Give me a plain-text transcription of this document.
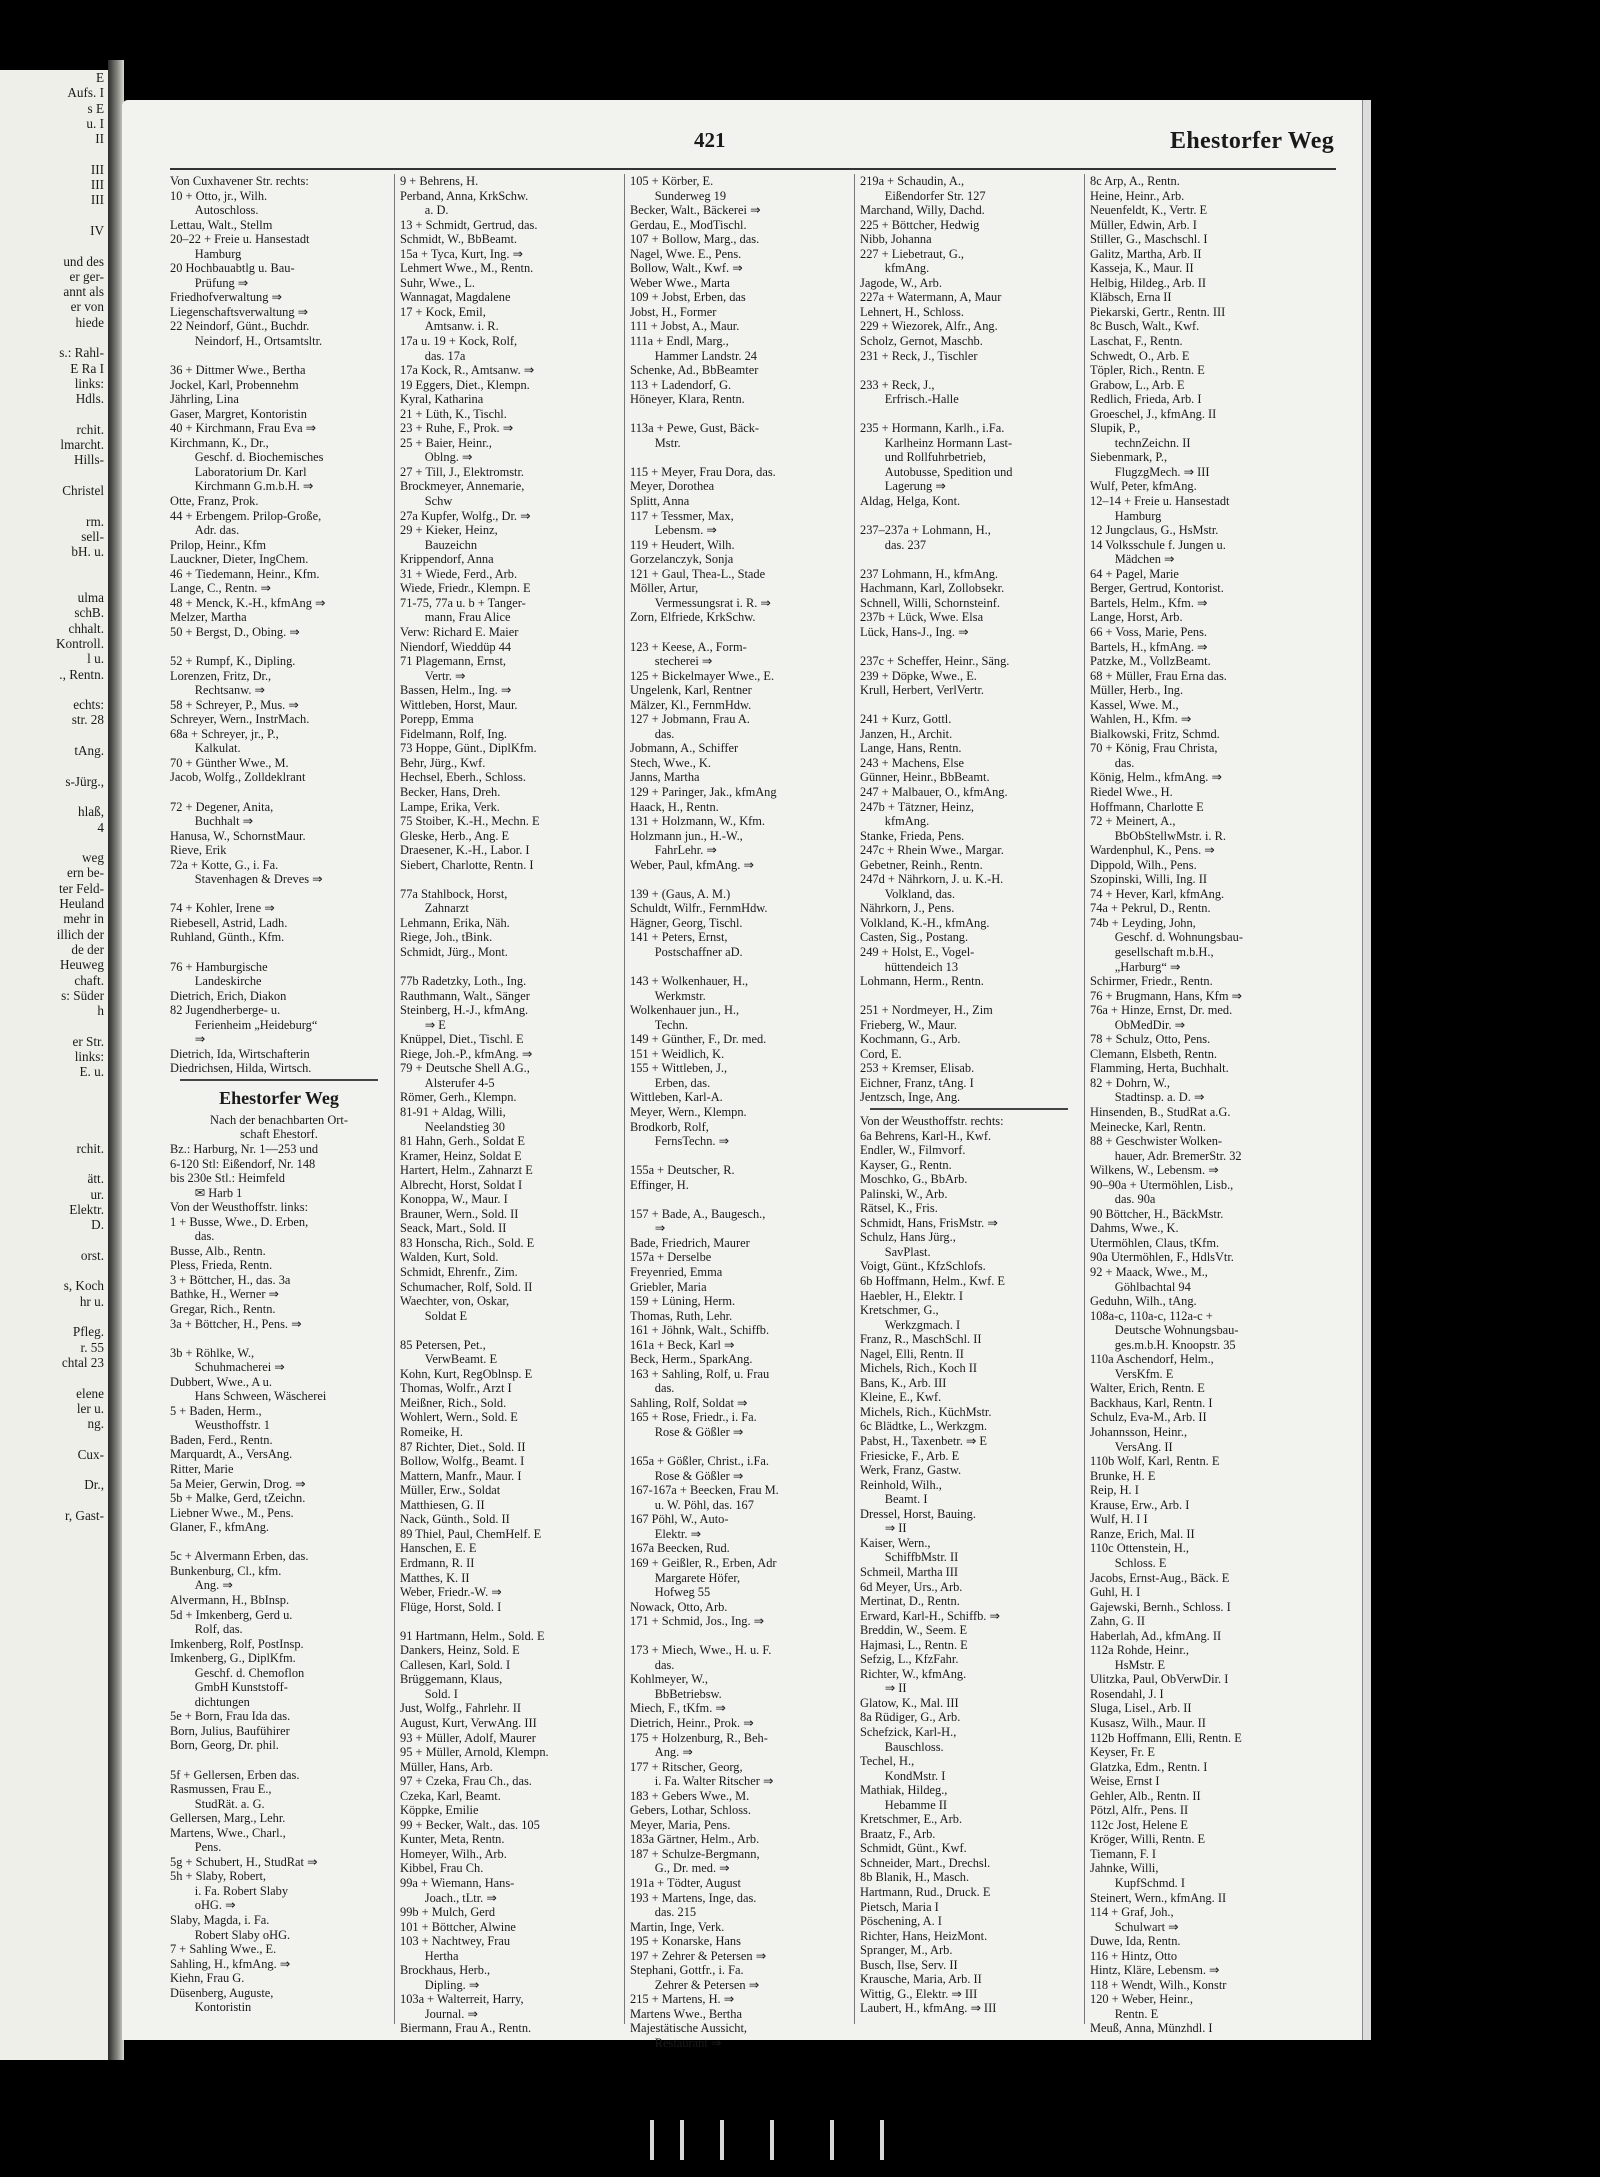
E
Aufs. I
s E
u. I
II

III
III
III

IV

und des
er ger-
annt als
er von
hiede

s.: Rahl-
E Ra I
links:
Hdls.

rchit.
lmarcht.
Hills-

Christel

rm.
sell-
bH. u.

ulma
schB.
chhalt.
Kontroll.
l u.
., Rentn.

echts:
str. 28

tAng.

s-Jürg.,

hlaß,
4

weg
ern be-
ter Feld-
Heuland
mehr in
illich der
de der
Heuweg
chaft.
s: Süder
h

er Str.
links:
E. u.

rchit.

ätt.
ur.
Elektr.
D.

orst.

s, Koch
hr u.

Pfleg.
r. 55
chtal 23

elene
ler u.
ng.

Cux-

Dr.,

r, Gast-
421	Ehestorfer Weg
Von Cuxhavener Str. rechts:
10 + Otto, jr., Wilh.
  Autoschloss.
Lettau, Walt., Stellm
20–22 + Freie u. Hansestadt
  Hamburg
20 Hochbauabtlg u. Bau-
  Prüfung ⇒
Friedhofverwaltung ⇒
Liegenschaftsverwaltung ⇒
22 Neindorf, Günt., Buchdr.
  Neindorf, H., Ortsamtsltr.

36 + Dittmer Wwe., Bertha
Jockel, Karl, Probennehm
Jährling, Lina
Gaser, Margret, Kontoristin
40 + Kirchmann, Frau Eva ⇒
Kirchmann, K., Dr.,
  Geschf. d. Biochemisches
  Laboratorium Dr. Karl
  Kirchmann G.m.b.H. ⇒
Otte, Franz, Prok.
44 + Erbengem. Prilop-Große,
  Adr. das.
Prilop, Heinr., Kfm
Lauckner, Dieter, IngChem.
46 + Tiedemann, Heinr., Kfm.
Lange, C., Rentn. ⇒
48 + Menck, K.-H., kfmAng ⇒
Melzer, Martha
50 + Bergst, D., Obing. ⇒

52 + Rumpf, K., Dipling.
Lorenzen, Fritz, Dr.,
  Rechtsanw. ⇒
58 + Schreyer, P., Mus. ⇒
Schreyer, Wern., InstrMach.
68a + Schreyer, jr., P.,
  Kalkulat.
70 + Günther Wwe., M.
Jacob, Wolfg., Zolldeklrant

72 + Degener, Anita,
  Buchhalt ⇒
Hanusa, W., SchornstMaur.
Rieve, Erik
72a + Kotte, G., i. Fa.
  Stavenhagen & Dreves ⇒

74 + Kohler, Irene ⇒
Riebesell, Astrid, Ladh.
Ruhland, Günth., Kfm.

76 + Hamburgische
  Landeskirche
Dietrich, Erich, Diakon
82 Jugendherberge- u.
  Ferienheim „Heideburg“
  ⇒
Dietrich, Ida, Wirtschafterin
Diedrichsen, Hilda, Wirtsch.
Ehestorfer Weg
Nach der benachbarten Ort-
schaft Ehestorf.
Bz.: Harburg, Nr. 1—253 und
6-120 Stl: Eißendorf, Nr. 148
bis 230e Stl.: Heimfeld
  ✉ Harb 1
Von der Weusthoffstr. links:
1 + Busse, Wwe., D. Erben,
  das.
Busse, Alb., Rentn.
Pless, Frieda, Rentn.
3 + Böttcher, H., das. 3a
Bathke, H., Werner ⇒
Gregar, Rich., Rentn.
3a + Böttcher, H., Pens. ⇒

3b + Röhlke, W.,
  Schuhmacherei ⇒
Dubbert, Wwe., A u.
  Hans Schween, Wäscherei
5 + Baden, Herm.,
  Weusthoffstr. 1
Baden, Ferd., Rentn.
Marquardt, A., VersAng.
Ritter, Marie
5a Meier, Gerwin, Drog. ⇒
5b + Malke, Gerd, tZeichn.
Liebner Wwe., M., Pens.
Glaner, F., kfmAng.

5c + Alvermann Erben, das.
Bunkenburg, Cl., kfm.
  Ang. ⇒
Alvermann, H., BbInsp.
5d + Imkenberg, Gerd u.
  Rolf, das.
Imkenberg, Rolf, PostInsp.
Imkenberg, G., DiplKfm.
  Geschf. d. Chemoflon
  GmbH Kunststoff-
  dichtungen
5e + Born, Frau Ida das.
Born, Julius, Baufühirer
Born, Georg, Dr. phil.

5f + Gellersen, Erben das.
Rasmussen, Frau E.,
  StudRät. a. G.
Gellersen, Marg., Lehr.
Martens, Wwe., Charl.,
  Pens.
5g + Schubert, H., StudRat ⇒
5h + Slaby, Robert,
  i. Fa. Robert Slaby
  oHG. ⇒
Slaby, Magda, i. Fa.
  Robert Slaby oHG.
7 + Sahling Wwe., E.
Sahling, H., kfmAng. ⇒
Kiehn, Frau G.
Düsenberg, Auguste,
  Kontoristin
9 + Behrens, H.
Perband, Anna, KrkSchw.
  a. D.
13 + Schmidt, Gertrud, das.
Schmidt, W., BbBeamt.
15a + Tyca, Kurt, Ing. ⇒
Lehmert Wwe., M., Rentn.
Suhr, Wwe., L.
Wannagat, Magdalene
17 + Kock, Emil,
  Amtsanw. i. R.
17a u. 19 + Kock, Rolf,
  das. 17a
17a Kock, R., Amtsanw. ⇒
19 Eggers, Diet., Klempn.
Kyral, Katharina
21 + Lüth, K., Tischl.
23 + Ruhe, F., Prok. ⇒
25 + Baier, Heinr.,
  Oblng. ⇒
27 + Till, J., Elektromstr.
Brockmeyer, Annemarie,
  Schw
27a Kupfer, Wolfg., Dr. ⇒
29 + Kieker, Heinz,
  Bauzeichn
Krippendorf, Anna
31 + Wiede, Ferd., Arb.
Wiede, Friedr., Klempn. E
71-75, 77a u. b + Tanger-
  mann, Frau Alice
Verw: Richard E. Maier
Niendorf, Wieddüp 44
71 Plagemann, Ernst,
  Vertr. ⇒
Bassen, Helm., Ing. ⇒
Wittleben, Horst, Maur.
Porepp, Emma
Fidelmann, Rolf, Ing.
73 Hoppe, Günt., DiplKfm.
Behr, Jürg., Kwf.
Hechsel, Eberh., Schloss.
Becker, Hans, Dreh.
Lampe, Erika, Verk.
75 Stoiber, K.-H., Mechn. E
Gleske, Herb., Ang. E
Draesener, K.-H., Labor. I
Siebert, Charlotte, Rentn. I

77a Stahlbock, Horst,
  Zahnarzt
Lehmann, Erika, Näh.
Riege, Joh., tBink.
Schmidt, Jürg., Mont.

77b Radetzky, Loth., Ing.
Rauthmann, Walt., Sänger
Steinberg, H.-J., kfmAng.
  ⇒ E
Knüppel, Diet., Tischl. E
Riege, Joh.-P., kfmAng. ⇒
79 + Deutsche Shell A.G.,
  Alsterufer 4-5
Römer, Gerh., Klempn.
81-91 + Aldag, Willi,
  Neelandstieg 30
81 Hahn, Gerh., Soldat E
Kramer, Heinz, Soldat E
Hartert, Helm., Zahnarzt E
Albrecht, Horst, Soldat I
Konoppa, W., Maur. I
Brauner, Wern., Sold. II
Seack, Mart., Sold. II
83 Honscha, Rich., Sold. E
Walden, Kurt, Sold.
Schmidt, Ehrenfr., Zim.
Schumacher, Rolf, Sold. II
Waechter, von, Oskar,
  Soldat E

85 Petersen, Pet.,
  VerwBeamt. E
Kohn, Kurt, RegOblnsp. E
Thomas, Wolfr., Arzt I
Meißner, Rich., Sold.
Wohlert, Wern., Sold. E
Romeike, H.
87 Richter, Diet., Sold. II
Bollow, Wolfg., Beamt. I
Mattern, Manfr., Maur. I
Müller, Erw., Soldat
Matthiesen, G. II
Nack, Günth., Sold. II
89 Thiel, Paul, ChemHelf. E
Hanschen, E. E
Erdmann, R. II
Matthes, K. II
Weber, Friedr.-W. ⇒
Flüge, Horst, Sold. I

91 Hartmann, Helm., Sold. E
Dankers, Heinz, Sold. E
Callesen, Karl, Sold. I
Brüggemann, Klaus,
  Sold. I
Just, Wolfg., Fahrlehr. II
August, Kurt, VerwAng. III
93 + Müller, Adolf, Maurer
95 + Müller, Arnold, Klempn.
Müller, Hans, Arb.
97 + Czeka, Frau Ch., das.
Czeka, Karl, Beamt.
Köppke, Emilie
99 + Becker, Walt., das. 105
Kunter, Meta, Rentn.
Homeyer, Wilh., Arb.
Kibbel, Frau Ch.
99a + Wiemann, Hans-
  Joach., tLtr. ⇒
99b + Mulch, Gerd
101 + Böttcher, Alwine
103 + Nachtwey, Frau
  Hertha
Brockhaus, Herb.,
  Dipling. ⇒
103a + Walterreit, Harry,
  Journal. ⇒
Biermann, Frau A., Rentn.
105 + Körber, E.
  Sunderweg 19
Becker, Walt., Bäckerei ⇒
Gerdau, E., ModTischl.
107 + Bollow, Marg., das.
Nagel, Wwe. E., Pens.
Bollow, Walt., Kwf. ⇒
Weber Wwe., Marta
109 + Jobst, Erben, das
Jobst, H., Former
111 + Jobst, A., Maur.
111a + Endl, Marg.,
  Hammer Landstr. 24
Schenke, Ad., BbBeamter
113 + Ladendorf, G.
Höneyer, Klara, Rentn.

113a + Pewe, Gust, Bäck-
  Mstr.

115 + Meyer, Frau Dora, das.
Meyer, Dorothea
Splitt, Anna
117 + Tessmer, Max,
  Lebensm. ⇒
119 + Heudert, Wilh.
Gorzelanczyk, Sonja
121 + Gaul, Thea-L., Stade
Möller, Artur,
  Vermessungsrat i. R. ⇒
Zorn, Elfriede, KrkSchw.

123 + Keese, A., Form-
  stecherei ⇒
125 + Bickelmayer Wwe., E.
Ungelenk, Karl, Rentner
Mälzer, Kl., FernmHdw.
127 + Jobmann, Frau A.
  das.
Jobmann, A., Schiffer
Stech, Wwe., K.
Janns, Martha
129 + Paringer, Jak., kfmAng
Haack, H., Rentn.
131 + Holzmann, W., Kfm.
Holzmann jun., H.-W.,
  FahrLehr. ⇒
Weber, Paul, kfmAng. ⇒

139 + (Gaus, A. M.)
Schuldt, Wilfr., FernmHdw.
Hägner, Georg, Tischl.
141 + Peters, Ernst,
  Postschaffner aD.

143 + Wolkenhauer, H.,
  Werkmstr.
Wolkenhauer jun., H.,
  Techn.
149 + Günther, F., Dr. med.
151 + Weidlich, K.
155 + Wittleben, J.,
  Erben, das.
Wittleben, Karl-A.
Meyer, Wern., Klempn.
Brodkorb, Rolf,
  FernsTechn. ⇒

155a + Deutscher, R.
Effinger, H.

157 + Bade, A., Baugesch.,
  ⇒
Bade, Friedrich, Maurer
157a + Derselbe
Freyenried, Emma
Griebler, Maria
159 + Lüning, Herm.
Thomas, Ruth, Lehr.
161 + Jöhnk, Walt., Schiffb.
161a + Beck, Karl ⇒
Beck, Herm., SparkAng.
163 + Sahling, Rolf, u. Frau
  das.
Sahling, Rolf, Soldat ⇒
165 + Rose, Friedr., i. Fa.
  Rose & Gößler ⇒

165a + Gößler, Christ., i.Fa.
  Rose & Gößler ⇒
167-167a + Beecken, Frau M.
  u. W. Pöhl, das. 167
167 Pöhl, W., Auto-
  Elektr. ⇒
167a Beecken, Rud.
169 + Geißler, R., Erben, Adr
  Margarete Höfer,
  Hofweg 55
Nowack, Otto, Arb.
171 + Schmid, Jos., Ing. ⇒

173 + Miech, Wwe., H. u. F.
  das.
Kohlmeyer, W.,
  BbBetriebsw.
Miech, F., tKfm. ⇒
Dietrich, Heinr., Prok. ⇒
175 + Holzenburg, R., Beh-
  Ang. ⇒
177 + Ritscher, Georg,
  i. Fa. Walter Ritscher ⇒
183 + Gebers Wwe., M.
Gebers, Lothar, Schloss.
Meyer, Maria, Pens.
183a Gärtner, Helm., Arb.
187 + Schulze-Bergmann,
  G., Dr. med. ⇒
191a + Tödter, August
193 + Martens, Inge, das.
  das. 215
Martin, Inge, Verk.
195 + Konarske, Hans
197 + Zehrer & Petersen ⇒
Stephani, Gottfr., i. Fa.
  Zehrer & Petersen ⇒
215 + Martens, H. ⇒
Martens Wwe., Bertha
Majestätische Aussicht,
  Restaurant ⇒
219a + Schaudin, A.,
  Eißendorfer Str. 127
Marchand, Willy, Dachd.
225 + Böttcher, Hedwig
Nibb, Johanna
227 + Liebetraut, G.,
  kfmAng.
Jagode, W., Arb.
227a + Watermann, A, Maur
Lehnert, H., Schloss.
229 + Wiezorek, Alfr., Ang.
Scholz, Gernot, Maschb.
231 + Reck, J., Tischler

233 + Reck, J.,
  Erfrisch.-Halle

235 + Hormann, Karlh., i.Fa.
  Karlheinz Hormann Last-
  und Rollfuhrbetrieb,
  Autobusse, Spedition und
  Lagerung ⇒
Aldag, Helga, Kont.

237–237a + Lohmann, H.,
  das. 237

237 Lohmann, H., kfmAng.
Hachmann, Karl, Zollobsekr.
Schnell, Willi, Schornsteinf.
237b + Lück, Wwe. Elsa
Lück, Hans-J., Ing. ⇒

237c + Scheffer, Heinr., Säng.
239 + Döpke, Wwe., E.
Krull, Herbert, VerlVertr.

241 + Kurz, Gottl.
Janzen, H., Archit.
Lange, Hans, Rentn.
243 + Machens, Else
Günner, Heinr., BbBeamt.
247 + Malbauer, O., kfmAng.
247b + Tätzner, Heinz,
  kfmAng.
Stanke, Frieda, Pens.
247c + Rhein Wwe., Margar.
Gebetner, Reinh., Rentn.
247d + Nährkorn, J. u. K.-H.
  Volkland, das.
Nährkorn, J., Pens.
Volkland, K.-H., kfmAng.
Casten, Sig., Postang.
249 + Holst, E., Vogel-
  hüttendeich 13
Lohmann, Herm., Rentn.

251 + Nordmeyer, H., Zim
Frieberg, W., Maur.
Kochmann, G., Arb.
Cord, E.
253 + Kremser, Elisab.
Eichner, Franz, tAng. I
Jentzsch, Inge, Ang.
Von der Weusthoffstr. rechts:
6a Behrens, Karl-H., Kwf.
Endler, W., Filmvorf.
Kayser, G., Rentn.
Moschko, G., BbArb.
Palinski, W., Arb.
Rätsel, K., Fris.
Schmidt, Hans, FrisMstr. ⇒
Schulz, Hans Jürg.,
  SavPlast.
Voigt, Günt., KfzSchlofs.
6b Hoffmann, Helm., Kwf. E
Haebler, H., Elektr. I
Kretschmer, G.,
  Werkzgmach. I
Franz, R., MaschSchl. II
Nagel, Elli, Rentn. II
Michels, Rich., Koch II
Bans, K., Arb. III
Kleine, E., Kwf.
Michels, Rich., KüchMstr.
6c Blädtke, L., Werkzgm.
Pabst, H., Taxenbetr. ⇒ E
Friesicke, F., Arb. E
Werk, Franz, Gastw.
Reinhold, Wilh.,
  Beamt. I
Dressel, Horst, Bauing.
  ⇒ II
Kaiser, Wern.,
  SchiffbMstr. II
Schmeil, Martha III
6d Meyer, Urs., Arb.
Mertinat, D., Rentn.
Erward, Karl-H., Schiffb. ⇒
Breddin, W., Seem. E
Hajmasi, L., Rentn. E
Sefzig, L., KfzFahr.
Richter, W., kfmAng.
  ⇒ II
Glatow, K., Mal. III
8a Rüdiger, G., Arb.
Schefzick, Karl-H.,
  Bauschloss.
Techel, H.,
  KondMstr. I
Mathiak, Hildeg.,
  Hebamme II
Kretschmer, E., Arb.
Braatz, F., Arb.
Schmidt, Günt., Kwf.
Schneider, Mart., Drechsl.
8b Blanik, H., Masch.
Hartmann, Rud., Druck. E
Pietsch, Maria I
Pöschening, A. I
Richter, Hans, HeizMont.
Spranger, M., Arb.
Busch, Ilse, Serv. II
Krausche, Maria, Arb. II
Wittig, G., Elektr. ⇒ III
Laubert, H., kfmAng. ⇒ III
8c Arp, A., Rentn.
Heine, Heinr., Arb.
Neuenfeldt, K., Vertr. E
Müller, Edwin, Arb. I
Stiller, G., Maschschl. I
Galitz, Martha, Arb. II
Kasseja, K., Maur. II
Helbig, Hildeg., Arb. II
Kläbsch, Erna II
Piekarski, Gertr., Rentn. III
8c Busch, Walt., Kwf.
Laschat, F., Rentn.
Schwedt, O., Arb. E
Töpler, Rich., Rentn. E
Grabow, L., Arb. E
Redlich, Frieda, Arb. I
Groeschel, J., kfmAng. II
Slupik, P.,
  technZeichn. II
Siebenmark, P.,
  FlugzgMech. ⇒ III
Wulf, Peter, kfmAng.
12–14 + Freie u. Hansestadt
  Hamburg
12 Jungclaus, G., HsMstr.
14 Volksschule f. Jungen u.
  Mädchen ⇒
64 + Pagel, Marie
Berger, Gertrud, Kontorist.
Bartels, Helm., Kfm. ⇒
Lange, Horst, Arb.
66 + Voss, Marie, Pens.
Bartels, H., kfmAng. ⇒
Patzke, M., VollzBeamt.
68 + Müller, Frau Erna das.
Müller, Herb., Ing.
Kassel, Wwe. M.,
Wahlen, H., Kfm. ⇒
Bialkowski, Fritz, Schmd.
70 + König, Frau Christa,
  das.
König, Helm., kfmAng. ⇒
Riedel Wwe., H.
Hoffmann, Charlotte E
72 + Meinert, A.,
  BbObStellwMstr. i. R.
Wardenphul, K., Pens. ⇒
Dippold, Wilh., Pens.
Szopinski, Willi, Ing. II
74 + Hever, Karl, kfmAng.
74a + Pekrul, D., Rentn.
74b + Leyding, John,
  Geschf. d. Wohnungsbau-
  gesellschaft m.b.H.,
  „Harburg“ ⇒
Schirmer, Friedr., Rentn.
76 + Brugmann, Hans, Kfm ⇒
76a + Hinze, Ernst, Dr. med.
  ObMedDir. ⇒
78 + Schulz, Otto, Pens.
Clemann, Elsbeth, Rentn.
Flamming, Herta, Buchhalt.
82 + Dohrn, W.,
  Stadtinsp. a. D. ⇒
Hinsenden, B., StudRat a.G.
Meinecke, Karl, Rentn.
88 + Geschwister Wolken-
  hauer, Adr. BremerStr. 32
Wilkens, W., Lebensm. ⇒
90–90a + Utermöhlen, Lisb.,
  das. 90a
90 Böttcher, H., BäckMstr.
Dahms, Wwe., K.
Utermöhlen, Claus, tKfm.
90a Utermöhlen, F., HdlsVtr.
92 + Maack, Wwe., M.,
  Göhlbachtal 94
Geduhn, Wilh., tAng.
108a-c, 110a-c, 112a-c +
  Deutsche Wohnungsbau-
  ges.m.b.H. Knoopstr. 35
110a Aschendorf, Helm.,
  VersKfm. E
Walter, Erich, Rentn. E
Backhaus, Karl, Rentn. I
Schulz, Eva-M., Arb. II
Johannsson, Heinr.,
  VersAng. II
110b Wolf, Karl, Rentn. E
Brunke, H. E
Reip, H. I
Krause, Erw., Arb. I
Wulf, H. I I
Ranze, Erich, Mal. II
110c Ottenstein, H.,
  Schloss. E
Jacobs, Ernst-Aug., Bäck. E
Guhl, H. I
Gajewski, Bernh., Schloss. I
Zahn, G. II
Haberlah, Ad., kfmAng. II
112a Rohde, Heinr.,
  HsMstr. E
Ulitzka, Paul, ObVerwDir. I
Rosendahl, J. I
Sluga, Lisel., Arb. II
Kusasz, Wilh., Maur. II
112b Hoffmann, Elli, Rentn. E
Keyser, Fr. E
Glatzka, Edm., Rentn. I
Weise, Ernst I
Gehler, Alb., Rentn. II
Pötzl, Alfr., Pens. II
112c Jost, Helene E
Kröger, Willi, Rentn. E
Tiemann, F. I
Jahnke, Willi,
  KupfSchmd. I
Steinert, Wern., kfmAng. II
114 + Graf, Joh.,
  Schulwart ⇒
Duwe, Ida, Rentn.
116 + Hintz, Otto
Hintz, Kläre, Lebensm. ⇒
118 + Wendt, Wilh., Konstr
120 + Weber, Heinr.,
  Rentn. E
Meuß, Anna, Münzhdl. I
